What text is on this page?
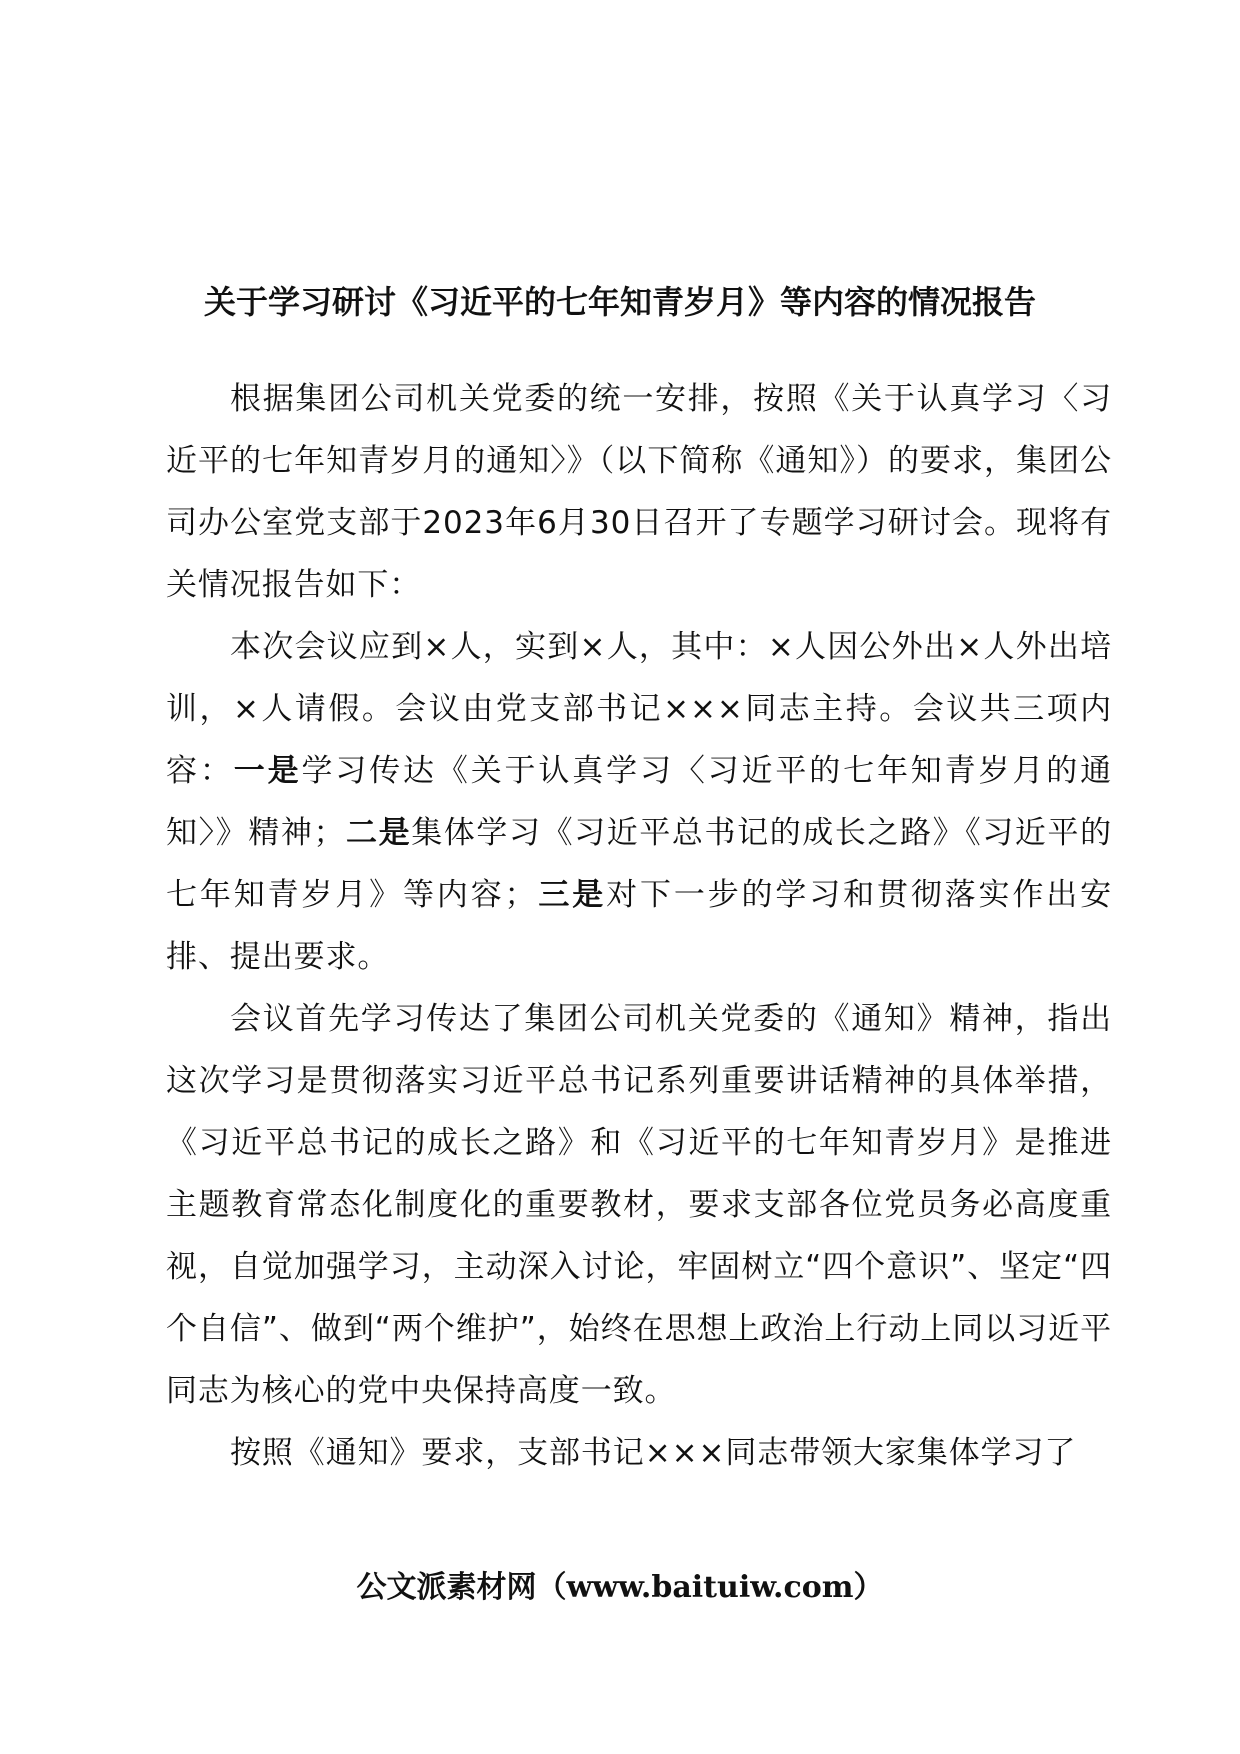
关于学习研讨《习近平的七年知青岁月》等内容的情况报告

根据集团公司机关党委的统一安排，按照《关于认真学习〈习近平的七年知青岁月的通知〉》（以下简称《通知》）的要求，集团公司办公室党支部于2023年6月30日召开了专题学习研讨会。现将有关情况报告如下：

本次会议应到×人，实到×人，其中：×人因公外出×人外出培训，×人请假。会议由党支部书记×××同志主持。会议共三项内容：一是学习传达《关于认真学习〈习近平的七年知青岁月的通知〉》精神；二是集体学习《习近平总书记的成长之路》《习近平的七年知青岁月》等内容；三是对下一步的学习和贯彻落实作出安排、提出要求。

会议首先学习传达了集团公司机关党委的《通知》精神，指出这次学习是贯彻落实习近平总书记系列重要讲话精神的具体举措，《习近平总书记的成长之路》和《习近平的七年知青岁月》是推进主题教育常态化制度化的重要教材，要求支部各位党员务必高度重视，自觉加强学习，主动深入讨论，牢固树立“四个意识”、坚定“四个自信”、做到“两个维护”，始终在思想上政治上行动上同以习近平同志为核心的党中央保持高度一致。

按照《通知》要求，支部书记×××同志带领大家集体学习了

公文派素材网（www.baituiw.com）
